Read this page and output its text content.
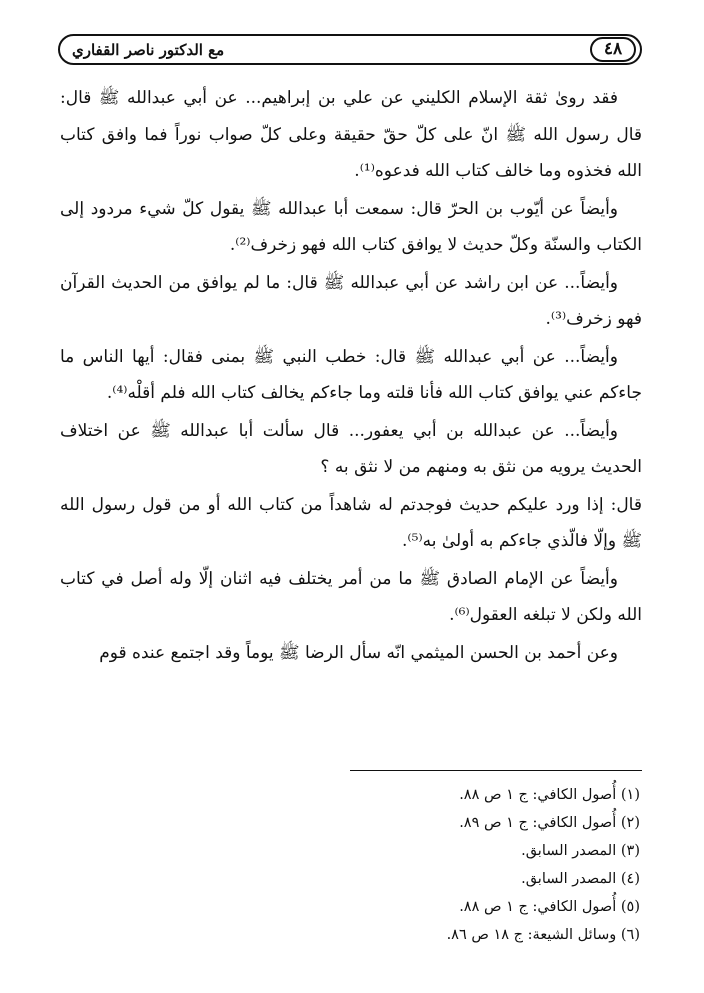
٤٨
مع الدكتور ناصر القفاري

فقد روىٰ ثقة الإسلام الكليني عن علي بن إبراهيم... عن أبي عبدالله ﷺ قال: قال رسول الله ﷺ انّ على كلّ حقّ حقيقة وعلى كلّ صواب نوراً فما وافق كتاب الله فخذوه وما خالف كتاب الله فدعوه⁽¹⁾.

وأيضاً عن أيّوب بن الحرّ قال: سمعت أبا عبدالله ﷺ يقول كلّ شيء مردود إلى الكتاب والسنّة وكلّ حديث لا يوافق كتاب الله فهو زخرف⁽²⁾.

وأيضاً... عن ابن راشد عن أبي عبدالله ﷺ قال: ما لم يوافق من الحديث القرآن فهو زخرف⁽³⁾.

وأيضاً... عن أبي عبدالله ﷺ قال: خطب النبي ﷺ بمنى فقال: أيها الناس ما جاءكم عني يوافق كتاب الله فأنا قلته وما جاءكم يخالف كتاب الله فلم أقلْه⁽⁴⁾.

وأيضاً... عن عبدالله بن أبي يعفور... قال سألت أبا عبدالله ﷺ عن اختلاف الحديث يرويه من نثق به ومنهم من لا نثق به ؟

قال: إذا ورد عليكم حديث فوجدتم له شاهداً من كتاب الله أو من قول رسول الله ﷺ وإلّا فالّذي جاءكم به أولىٰ به⁽⁵⁾.

وأيضاً عن الإمام الصادق ﷺ ما من أمر يختلف فيه اثنان إلّا وله أصل في كتاب الله ولكن لا تبلغه العقول⁽⁶⁾.

وعن أحمد بن الحسن الميثمي انّه سأل الرضا ﷺ يوماً وقد اجتمع عنده قوم

(١) أُصول الكافي: ج ١ ص ٨٨.
(٢) أُصول الكافي: ج ١ ص ٨٩.
(٣) المصدر السابق.
(٤) المصدر السابق.
(٥) أُصول الكافي: ج ١ ص ٨٨.
(٦) وسائل الشيعة: ج ١٨ ص ٨٦.
